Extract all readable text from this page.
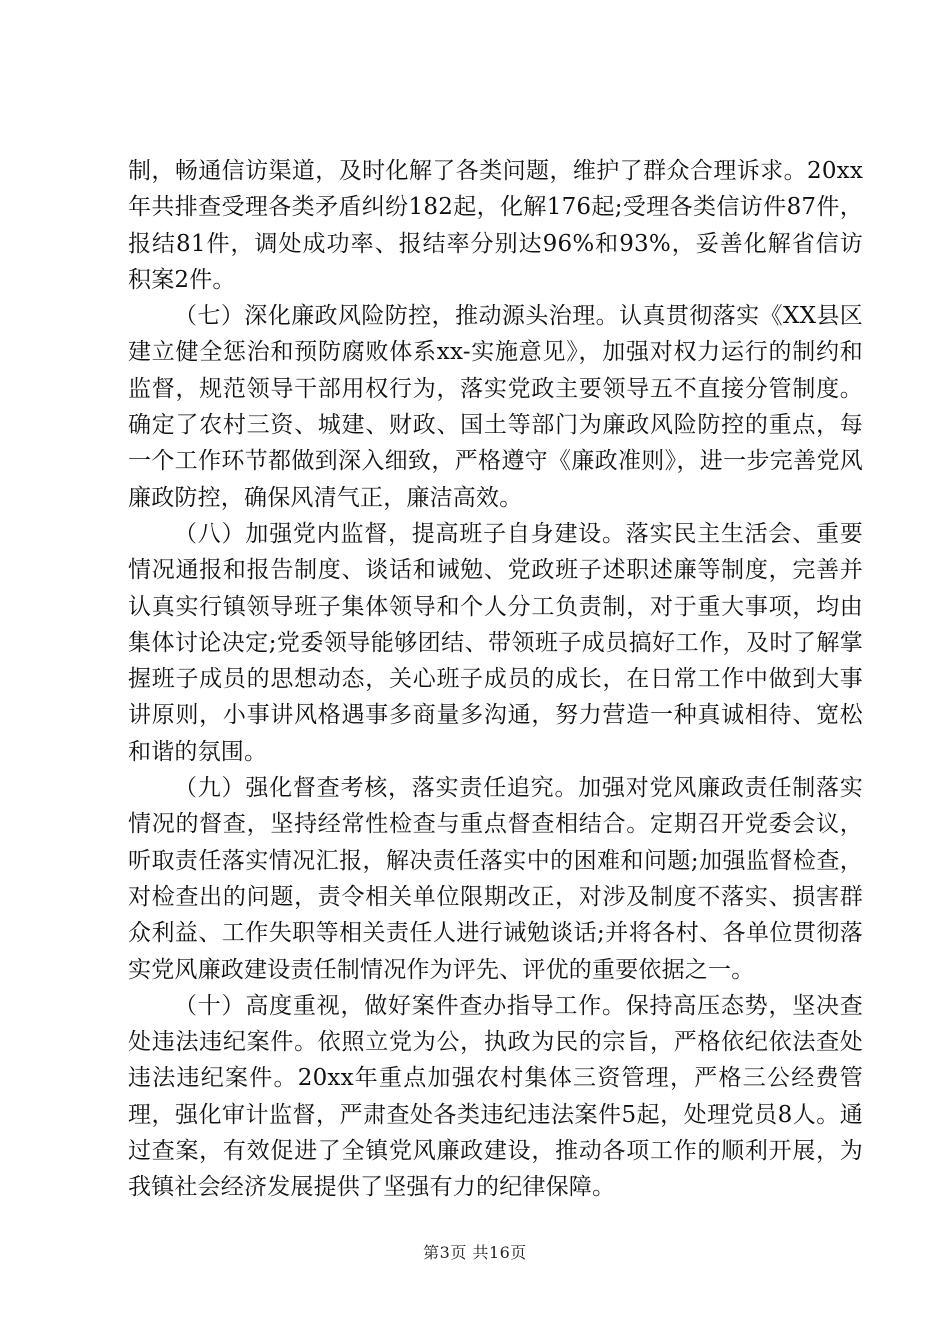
制，畅通信访渠道，及时化解了各类问题，维护了群众合理诉求。20xx年共排查受理各类矛盾纠纷182起，化解176起;受理各类信访件87件，报结81件，调处成功率、报结率分别达96%和93%，妥善化解省信访积案2件。

（七）深化廉政风险防控，推动源头治理。认真贯彻落实《XX县区建立健全惩治和预防腐败体系xx-实施意见》，加强对权力运行的制约和监督，规范领导干部用权行为，落实党政主要领导五不直接分管制度。确定了农村三资、城建、财政、国土等部门为廉政风险防控的重点，每一个工作环节都做到深入细致，严格遵守《廉政准则》，进一步完善党风廉政防控，确保风清气正，廉洁高效。

（八）加强党内监督，提高班子自身建设。落实民主生活会、重要情况通报和报告制度、谈话和诫勉、党政班子述职述廉等制度，完善并认真实行镇领导班子集体领导和个人分工负责制，对于重大事项，均由集体讨论决定;党委领导能够团结、带领班子成员搞好工作，及时了解掌握班子成员的思想动态，关心班子成员的成长，在日常工作中做到大事讲原则，小事讲风格遇事多商量多沟通，努力营造一种真诚相待、宽松和谐的氛围。

（九）强化督查考核，落实责任追究。加强对党风廉政责任制落实情况的督查，坚持经常性检查与重点督查相结合。定期召开党委会议，听取责任落实情况汇报，解决责任落实中的困难和问题;加强监督检查，对检查出的问题，责令相关单位限期改正，对涉及制度不落实、损害群众利益、工作失职等相关责任人进行诫勉谈话;并将各村、各单位贯彻落实党风廉政建设责任制情况作为评先、评优的重要依据之一。

（十）高度重视，做好案件查办指导工作。保持高压态势，坚决查处违法违纪案件。依照立党为公，执政为民的宗旨，严格依纪依法查处违法违纪案件。20xx年重点加强农村集体三资管理，严格三公经费管理，强化审计监督，严肃查处各类违纪违法案件5起，处理党员8人。通过查案，有效促进了全镇党风廉政建设，推动各项工作的顺利开展，为我镇社会经济发展提供了坚强有力的纪律保障。

第3页 共16页
